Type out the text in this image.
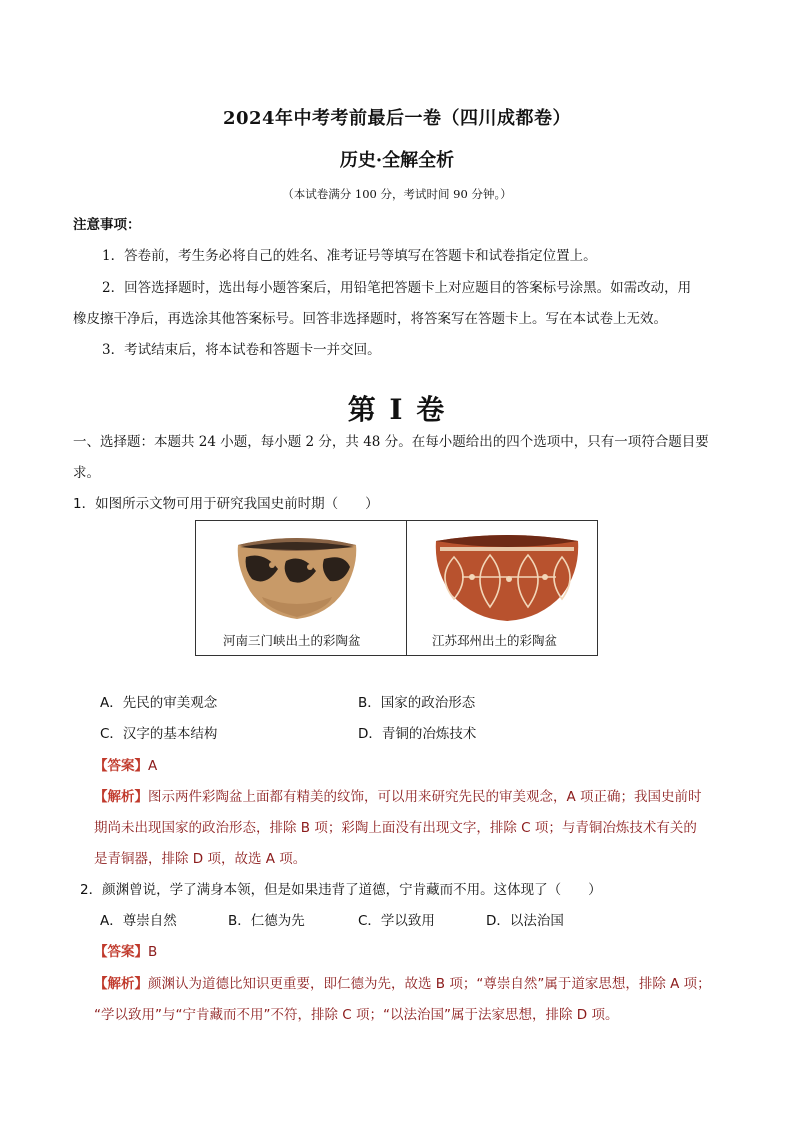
2024年中考考前最后一卷（四川成都卷）
历史·全解全析
（本试卷满分 100 分，考试时间 90 分钟。）
注意事项：
1．答卷前，考生务必将自己的姓名、准考证号等填写在答题卡和试卷指定位置上。
2．回答选择题时，选出每小题答案后，用铅笔把答题卡上对应题目的答案标号涂黑。如需改动，用
橡皮擦干净后，再选涂其他答案标号。回答非选择题时，将答案写在答题卡上。写在本试卷上无效。
3．考试结束后，将本试卷和答题卡一并交回。
第 I 卷
一、选择题：本题共 24 小题，每小题 2 分，共 48 分。在每小题给出的四个选项中，只有一项符合题目要
求。
1．如图所示文物可用于研究我国史前时期（　　）
河南三门峡出土的彩陶盆	江苏邳州出土的彩陶盆
A．先民的审美观念	B．国家的政治形态
C．汉字的基本结构	D．青铜的冶炼技术
【答案】A
【解析】图示两件彩陶盆上面都有精美的纹饰，可以用来研究先民的审美观念，A 项正确；我国史前时
期尚未出现国家的政治形态，排除 B 项；彩陶上面没有出现文字，排除 C 项；与青铜冶炼技术有关的
是青铜器，排除 D 项，故选 A 项。
2．颜渊曾说，学了满身本领，但是如果违背了道德，宁肯藏而不用。这体现了（　　）
A．尊崇自然	B．仁德为先	C．学以致用	D．以法治国
【答案】B
【解析】颜渊认为道德比知识更重要，即仁德为先，故选 B 项；“尊崇自然”属于道家思想，排除 A 项；
“学以致用”与“宁肯藏而不用”不符，排除 C 项；“以法治国”属于法家思想，排除 D 项。
